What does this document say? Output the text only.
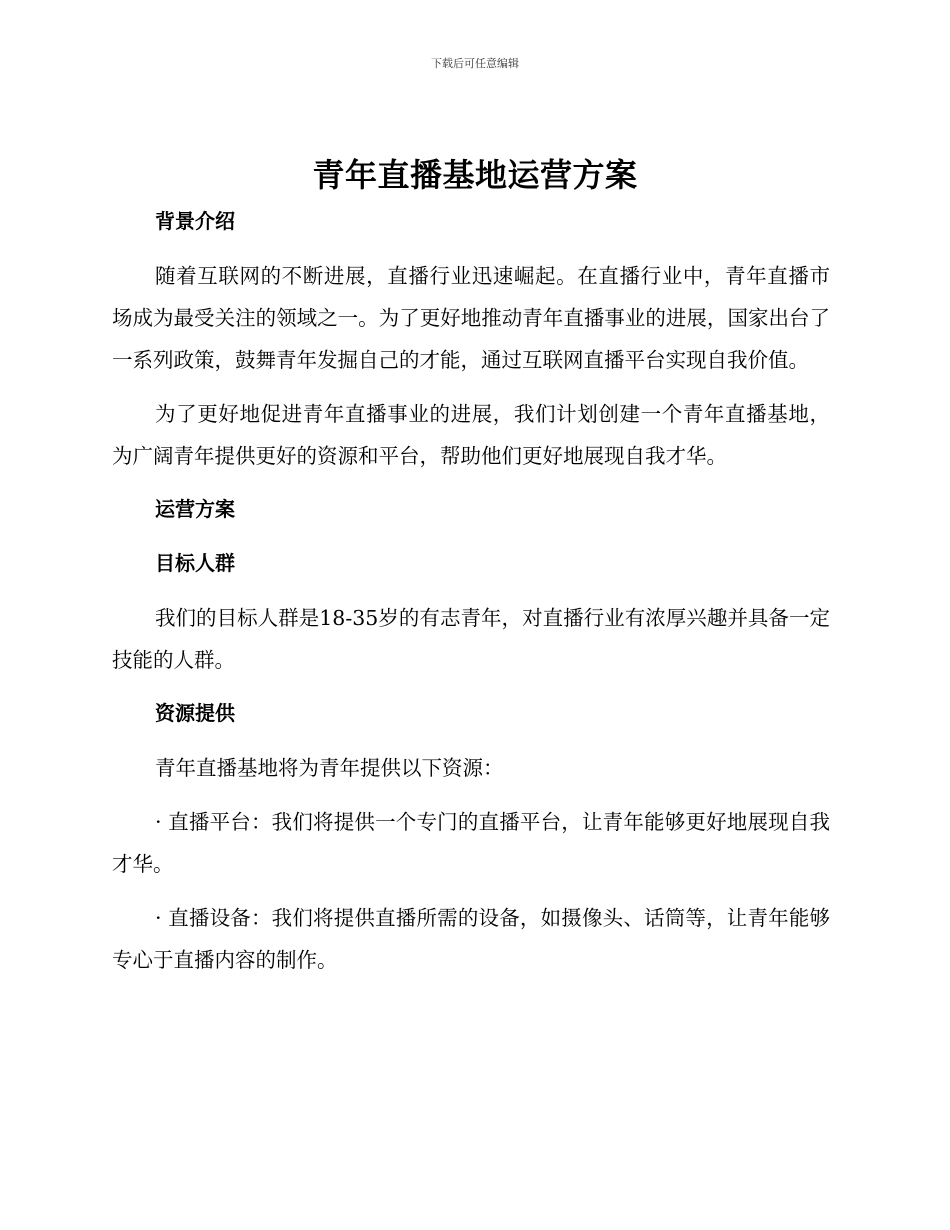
下载后可任意编辑
青年直播基地运营方案
背景介绍

随着互联网的不断进展，直播行业迅速崛起。在直播行业中，青年直播市场成为最受关注的领域之一。为了更好地推动青年直播事业的进展，国家出台了一系列政策，鼓舞青年发掘自己的才能，通过互联网直播平台实现自我价值。

为了更好地促进青年直播事业的进展，我们计划创建一个青年直播基地，为广阔青年提供更好的资源和平台，帮助他们更好地展现自我才华。

运营方案
目标人群

我们的目标人群是18-35岁的有志青年，对直播行业有浓厚兴趣并具备一定技能的人群。

资源提供

青年直播基地将为青年提供以下资源：

· 直播平台：我们将提供一个专门的直播平台，让青年能够更好地展现自我才华。

· 直播设备：我们将提供直播所需的设备，如摄像头、话筒等，让青年能够专心于直播内容的制作。
